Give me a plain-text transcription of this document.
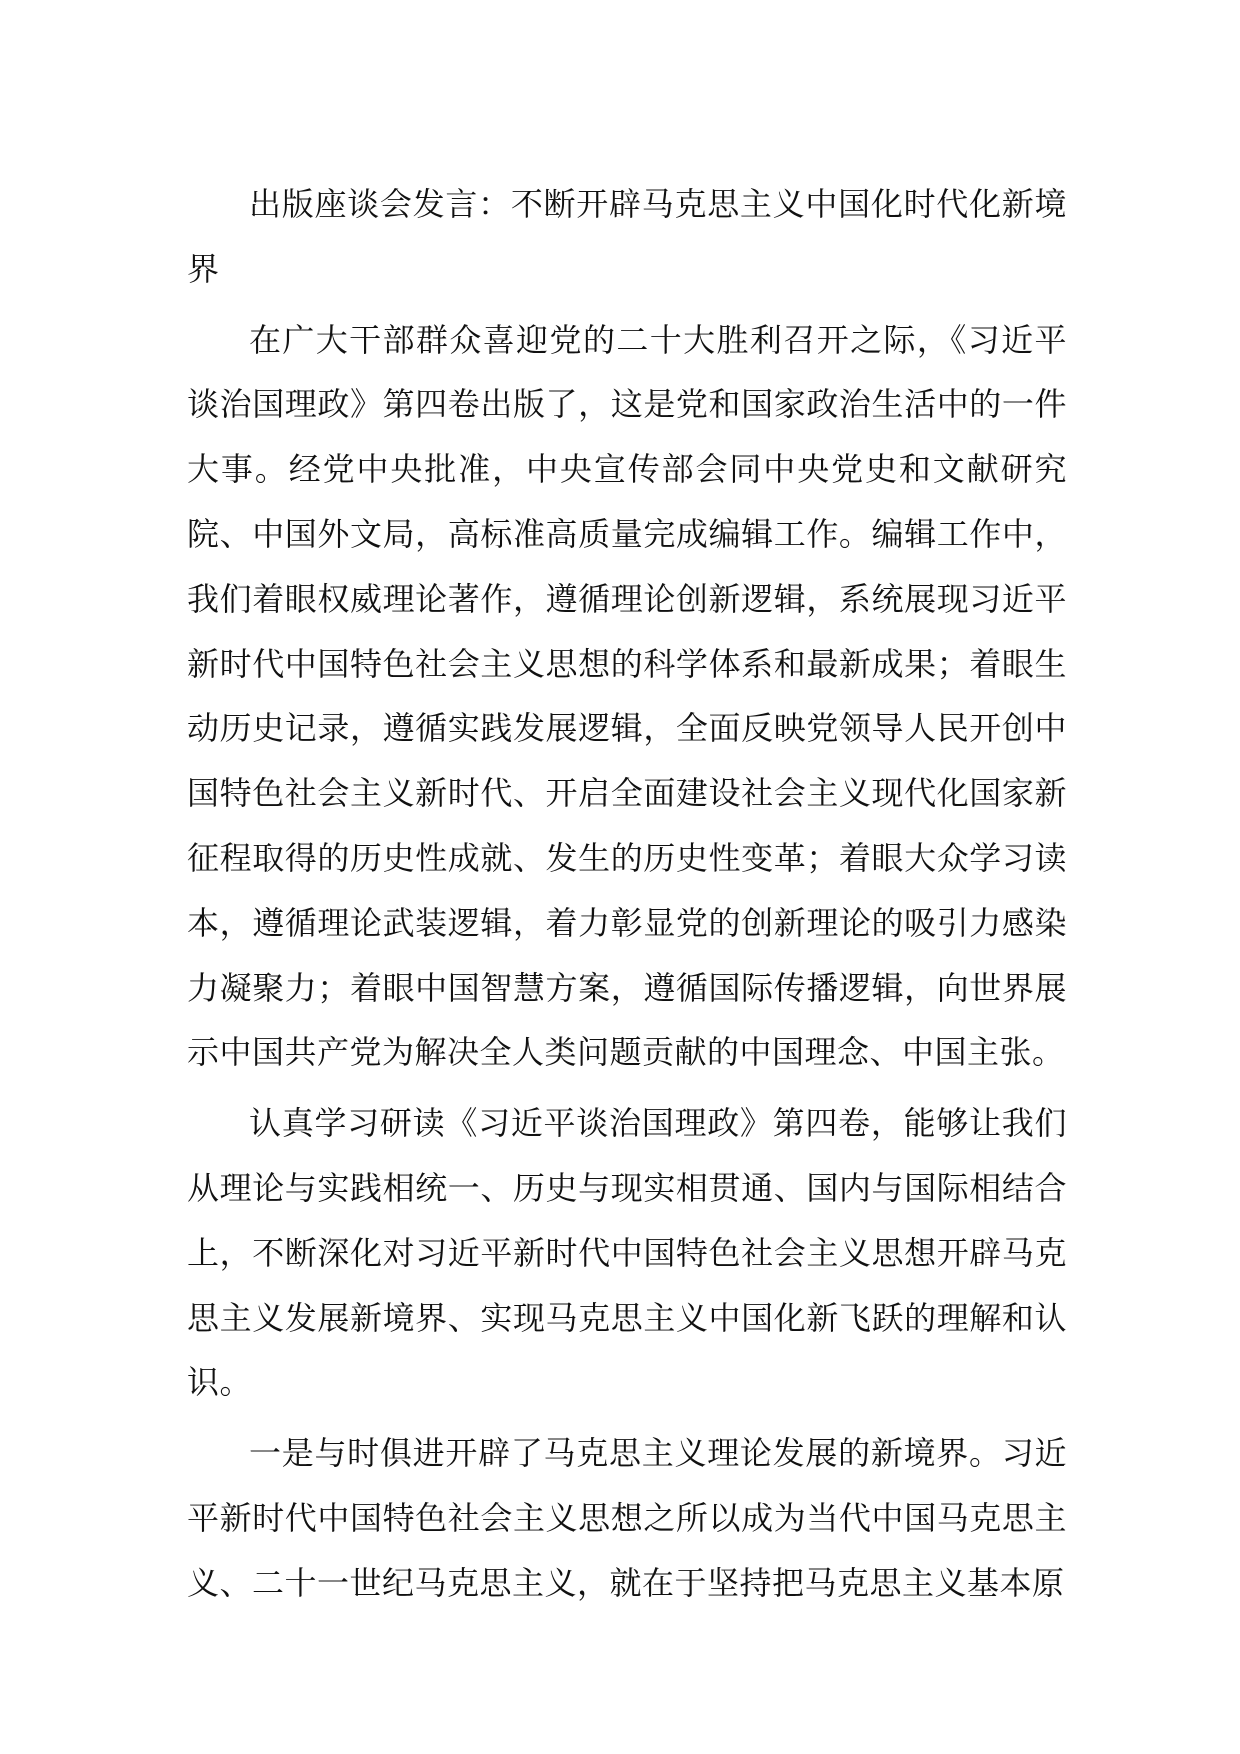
出版座谈会发言：不断开辟马克思主义中国化时代化新境界

在广大干部群众喜迎党的二十大胜利召开之际，《习近平谈治国理政》第四卷出版了，这是党和国家政治生活中的一件大事。经党中央批准，中央宣传部会同中央党史和文献研究院、中国外文局，高标准高质量完成编辑工作。编辑工作中，我们着眼权威理论著作，遵循理论创新逻辑，系统展现习近平新时代中国特色社会主义思想的科学体系和最新成果；着眼生动历史记录，遵循实践发展逻辑，全面反映党领导人民开创中国特色社会主义新时代、开启全面建设社会主义现代化国家新征程取得的历史性成就、发生的历史性变革；着眼大众学习读本，遵循理论武装逻辑，着力彰显党的创新理论的吸引力感染力凝聚力；着眼中国智慧方案，遵循国际传播逻辑，向世界展示中国共产党为解决全人类问题贡献的中国理念、中国主张。

认真学习研读《习近平谈治国理政》第四卷，能够让我们从理论与实践相统一、历史与现实相贯通、国内与国际相结合上，不断深化对习近平新时代中国特色社会主义思想开辟马克思主义发展新境界、实现马克思主义中国化新飞跃的理解和认识。

一是与时俱进开辟了马克思主义理论发展的新境界。习近平新时代中国特色社会主义思想之所以成为当代中国马克思主义、二十一世纪马克思主义，就在于坚持把马克思主义基本原
